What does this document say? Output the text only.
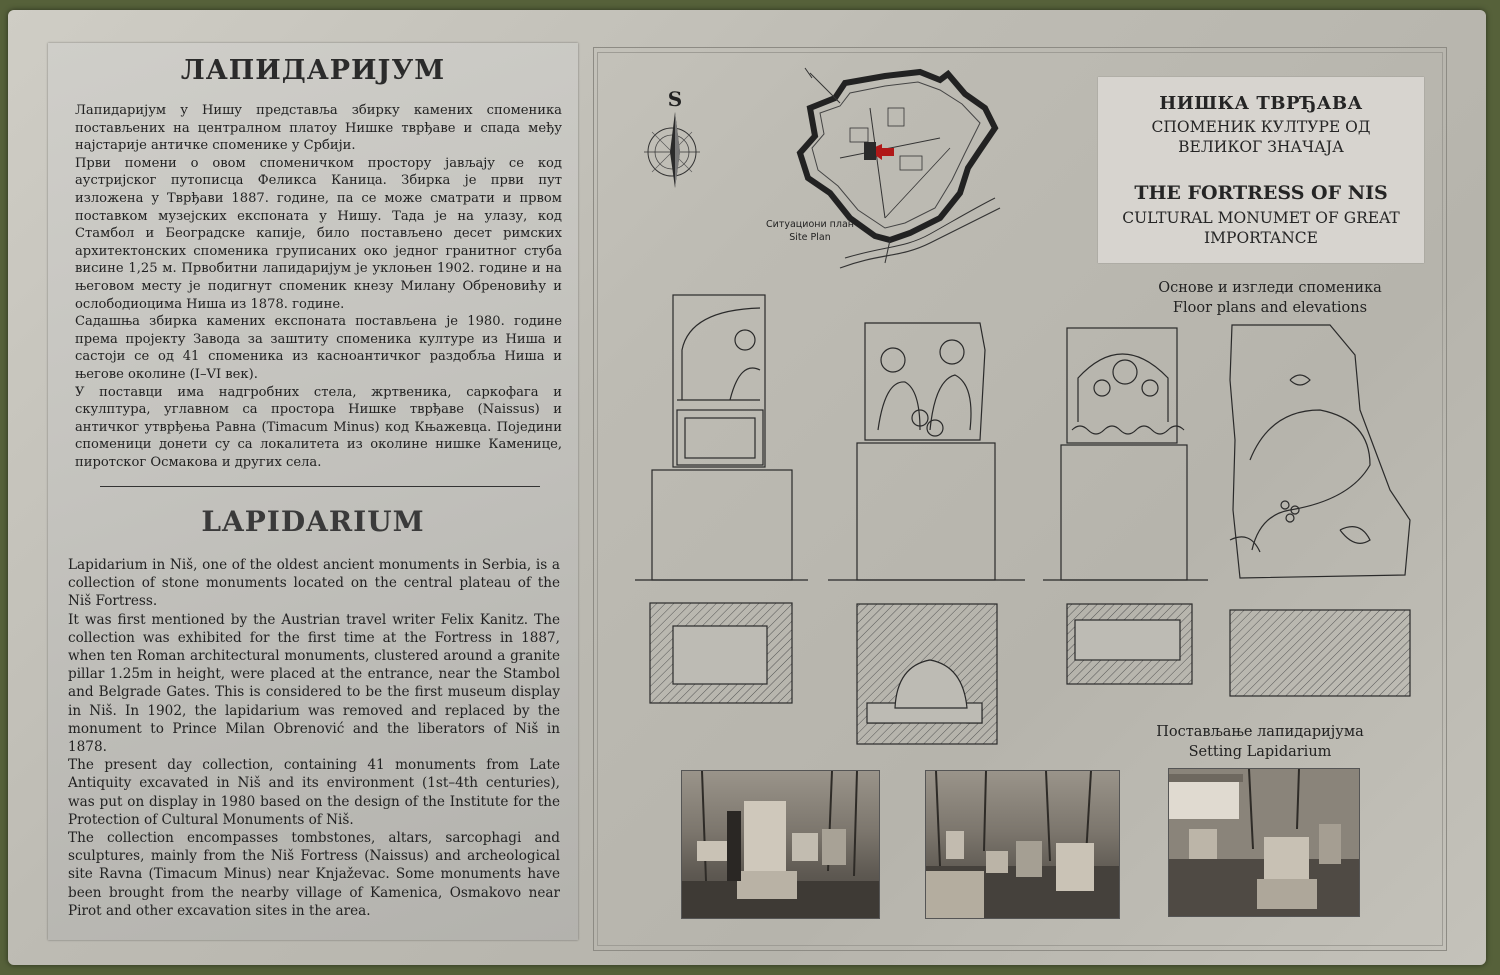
ЛАПИДАРИЈУМ

Лапидаријум у Нишу представља збирку камених споменика постављених на централном платоу Нишке тврђаве и спада међу најстарије античке споменике у Србији.

Први помени о овом споменичком простору јављају се код аустријског путописца Феликса Каница. Збирка је први пут изложена у Тврђави 1887. године, па се може сматрати и првом поставком музејских експоната у Нишу. Тада је на улазу, код Стамбол и Београдске капије, било постављено десет римских архитектонских споменика груписаних око једног гранитног стуба висине 1,25 м. Првобитни лапидаријум је уклоњен 1902. године и на његовом месту је подигнут споменик кнезу Милану Обреновићу и ослободиоцима Ниша из 1878. године.

Садашња збирка камених експоната постављена је 1980. године према пројекту Завода за заштиту споменика културе из Ниша и састоји се од 41 споменика из касноантичког раздобља Ниша и његове околине (I–VI век).

У поставци има надгробних стела, жртвеника, саркофага и скулптура, углавном са простора Нишке тврђаве (Naissus) и античког утврђења Равна (Timacum Minus) код Књажевца. Поједини споменици донети су са локалитета из околине нишке Каменице, пиротског Осмакова и других села.

LAPIDARIUM

Lapidarium in Niš, one of the oldest ancient monuments in Serbia, is a collection of stone monuments located on the central plateau of the Niš Fortress.

It was first mentioned by the Austrian travel writer Felix Kanitz. The collection was exhibited for the first time at the Fortress in 1887, when ten Roman architectural monuments, clustered around a granite pillar 1.25m in height, were placed at the entrance, near the Stambol and Belgrade Gates. This is considered to be the first museum display in Niš. In 1902, the lapidarium was removed and replaced by the monument to Prince Milan Obrenović and the liberators of Niš in 1878.

The present day collection, containing 41 monuments from Late Antiquity excavated in Niš and its environment (1st–4th centuries), was put on display in 1980 based on the design of the Institute for the Protection of Cultural Monuments of Niš.

The collection encompasses tombstones, altars, sarcophagi and sculptures, mainly from the Niš Fortress (Naissus) and archeological site Ravna (Timacum Minus) near Knjaževac. Some monuments have been brought from the nearby village of Kamenica, Osmakovo near Pirot and other excavation sites in the area.

НИШКА ТВРЂАВА
СПОМЕНИК КУЛТУРЕ ОД
ВЕЛИКОГ ЗНАЧАЈА
THE FORTRESS OF NIS
CULTURAL MONUMET OF GREAT
IMPORTANCE
S
Ситуациони план
Site Plan
Основе и изгледи споменика
Floor plans and elevations
Постављање лапидаријума
Setting Lapidarium
